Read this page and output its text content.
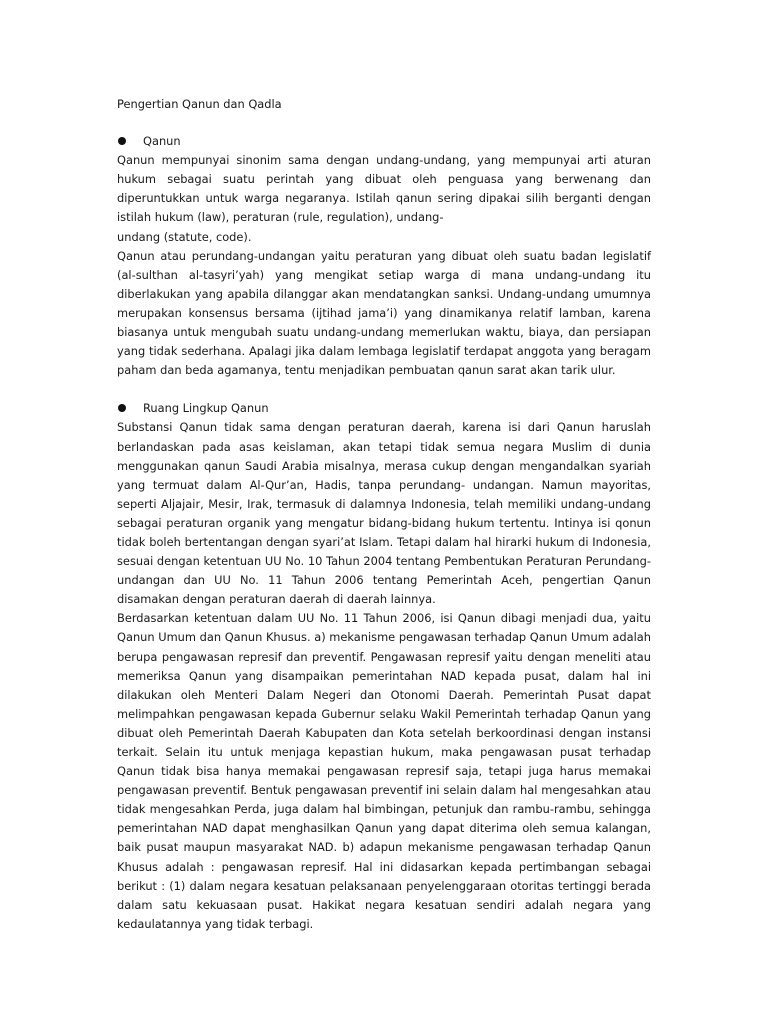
Pengertian Qanun dan Qadla

Qanun

Qanun mempunyai sinonim sama dengan undang-undang, yang mempunyai arti aturan hukum sebagai suatu perintah yang dibuat oleh penguasa yang berwenang dan diperuntukkan untuk warga negaranya. Istilah qanun sering dipakai silih berganti dengan istilah hukum (law), peraturan (rule, regulation), undang-

undang (statute, code).

Qanun atau perundang-undangan yaitu peraturan yang dibuat oleh suatu badan legislatif (al-sulthan al-tasyri’yah) yang mengikat setiap warga di mana undang-undang itu diberlakukan yang apabila dilanggar akan mendatangkan sanksi. Undang-undang umumnya merupakan konsensus bersama (ijtihad jama’i) yang dinamikanya relatif lamban, karena biasanya untuk mengubah suatu undang-undang memerlukan waktu, biaya, dan persiapan yang tidak sederhana. Apalagi jika dalam lembaga legislatif terdapat anggota yang beragam paham dan beda agamanya, tentu menjadikan pembuatan qanun sarat akan tarik ulur.

Ruang Lingkup Qanun

Substansi Qanun tidak sama dengan peraturan daerah, karena isi dari Qanun haruslah berlandaskan pada asas keislaman, akan tetapi tidak semua negara Muslim di dunia menggunakan qanun Saudi Arabia misalnya, merasa cukup dengan mengandalkan syariah yang termuat dalam Al-Qur’an, Hadis, tanpa perundang- undangan. Namun mayoritas, seperti Aljajair, Mesir, Irak, termasuk di dalamnya Indonesia, telah memiliki undang-undang sebagai peraturan organik yang mengatur bidang-bidang hukum tertentu. Intinya isi qonun tidak boleh bertentangan dengan syari’at Islam. Tetapi dalam hal hirarki hukum di Indonesia, sesuai dengan ketentuan UU No. 10 Tahun 2004 tentang Pembentukan Peraturan Perundang-undangan dan UU No. 11 Tahun 2006 tentang Pemerintah Aceh, pengertian Qanun disamakan dengan peraturan daerah di daerah lainnya.

Berdasarkan ketentuan dalam UU No. 11 Tahun 2006, isi Qanun dibagi menjadi dua, yaitu Qanun Umum dan Qanun Khusus. a) mekanisme pengawasan terhadap Qanun Umum adalah berupa pengawasan represif dan preventif. Pengawasan represif yaitu dengan meneliti atau memeriksa Qanun yang disampaikan pemerintahan NAD kepada pusat, dalam hal ini dilakukan oleh Menteri Dalam Negeri dan Otonomi Daerah. Pemerintah Pusat dapat melimpahkan pengawasan kepada Gubernur selaku Wakil Pemerintah terhadap Qanun yang dibuat oleh Pemerintah Daerah Kabupaten dan Kota setelah berkoordinasi dengan instansi terkait. Selain itu untuk menjaga kepastian hukum, maka pengawasan pusat terhadap Qanun tidak bisa hanya memakai pengawasan represif saja, tetapi juga harus memakai pengawasan preventif. Bentuk pengawasan preventif ini selain dalam hal mengesahkan atau tidak mengesahkan Perda, juga dalam hal bimbingan, petunjuk dan rambu-rambu, sehingga pemerintahan NAD dapat menghasilkan Qanun yang dapat diterima oleh semua kalangan, baik pusat maupun masyarakat NAD. b) adapun mekanisme pengawasan terhadap Qanun Khusus adalah : pengawasan represif. Hal ini didasarkan kepada pertimbangan sebagai berikut : (1) dalam negara kesatuan pelaksanaan penyelenggaraan otoritas tertinggi berada dalam satu kekuasaan pusat. Hakikat negara kesatuan sendiri adalah negara yang kedaulatannya yang tidak terbagi.
